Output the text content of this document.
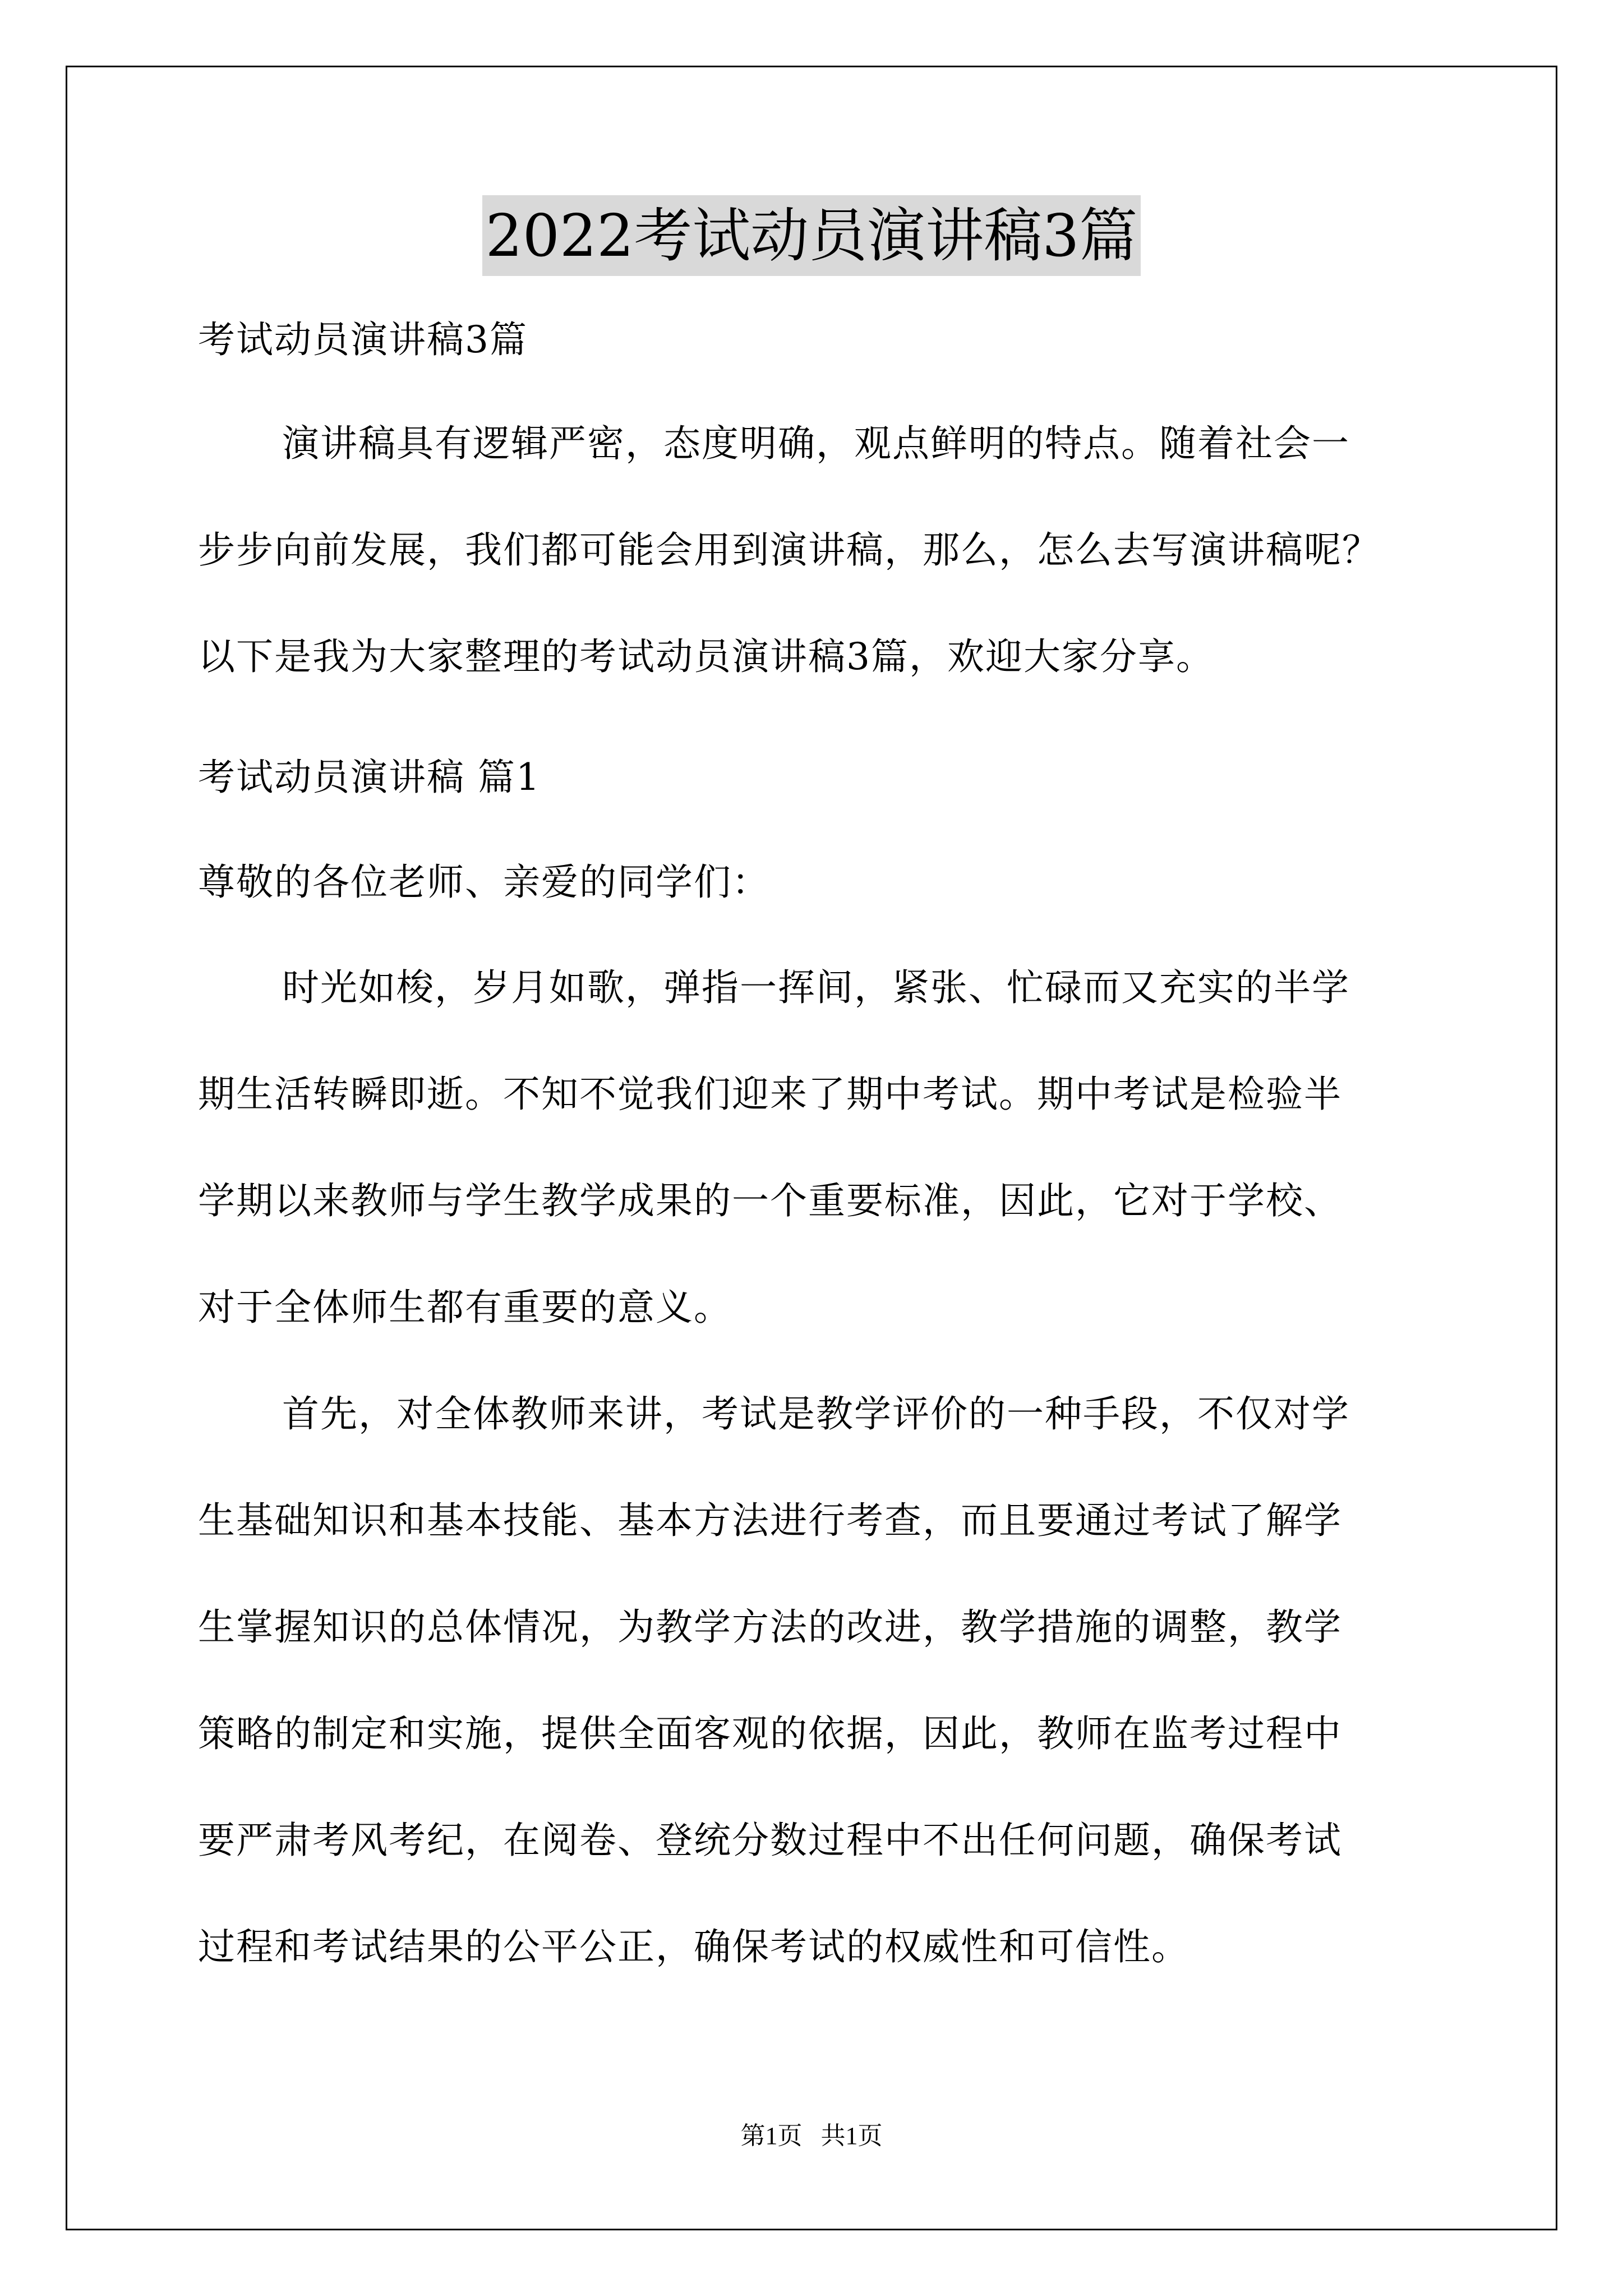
2022考试动员演讲稿3篇
考试动员演讲稿3篇
演讲稿具有逻辑严密，态度明确，观点鲜明的特点。随着社会一
步步向前发展，我们都可能会用到演讲稿，那么，怎么去写演讲稿呢？
以下是我为大家整理的考试动员演讲稿3篇，欢迎大家分享。
考试动员演讲稿 篇1
尊敬的各位老师、亲爱的同学们：
时光如梭，岁月如歌，弹指一挥间，紧张、忙碌而又充实的半学
期生活转瞬即逝。不知不觉我们迎来了期中考试。期中考试是检验半
学期以来教师与学生教学成果的一个重要标准，因此，它对于学校、
对于全体师生都有重要的意义。
首先，对全体教师来讲，考试是教学评价的一种手段，不仅对学
生基础知识和基本技能、基本方法进行考查，而且要通过考试了解学
生掌握知识的总体情况，为教学方法的改进，教学措施的调整，教学
策略的制定和实施，提供全面客观的依据，因此，教师在监考过程中
要严肃考风考纪，在阅卷、登统分数过程中不出任何问题，确保考试
过程和考试结果的公平公正，确保考试的权威性和可信性。
第1页   共1页
